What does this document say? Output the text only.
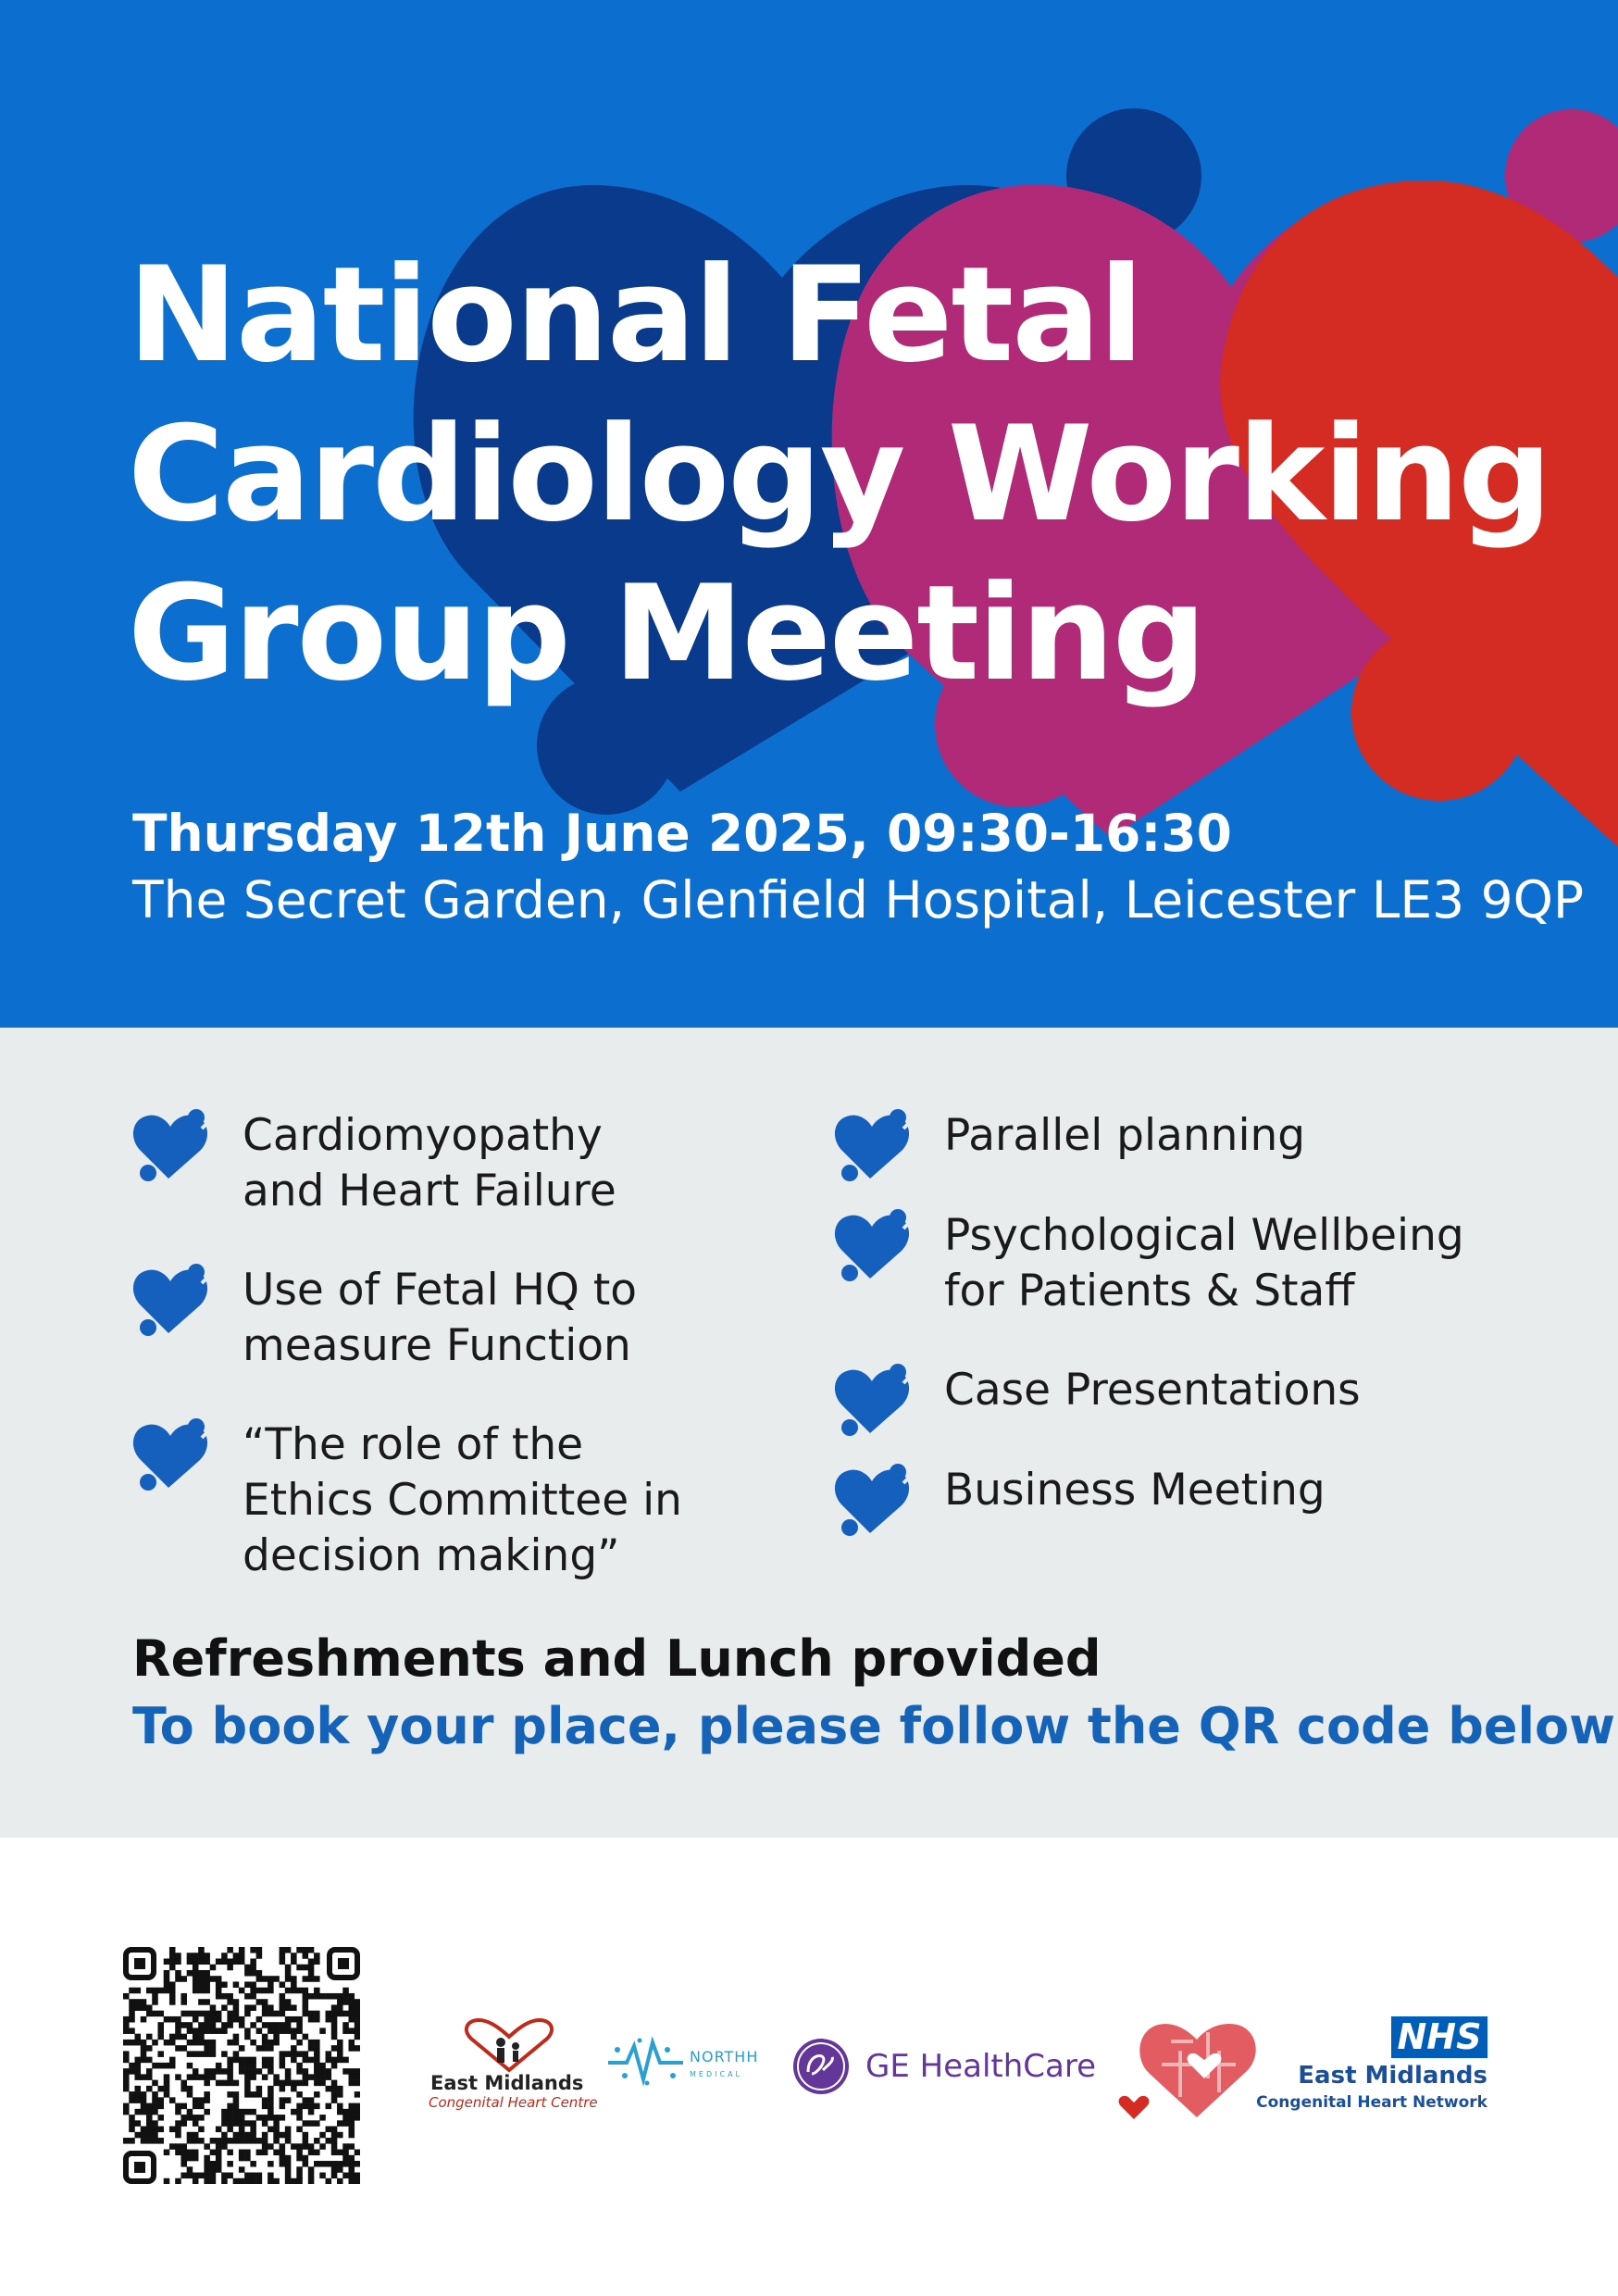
National Fetal
Cardiology Working
Group Meeting
Thursday 12th June 2025, 09:30-16:30
The Secret Garden, Glenfield Hospital, Leicester LE3 9QP
Cardiomyopathy
and Heart Failure
Use of Fetal HQ to
measure Function
“The role of the
Ethics Committee in
decision making”
Parallel planning
Psychological Wellbeing
for Patients & Staff
Case Presentations
Business Meeting
Refreshments and Lunch provided
To book your place, please follow the QR code below
East Midlands
Congenital Heart Centre
NORTHH
MEDICAL	GE HealthCare
NHS
East Midlands
Congenital Heart Network
